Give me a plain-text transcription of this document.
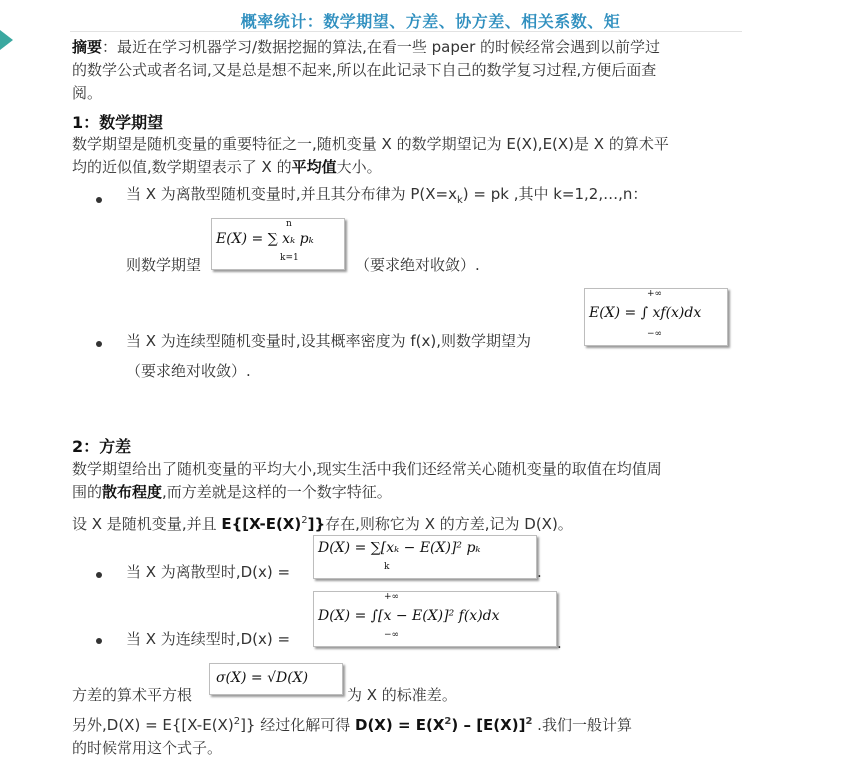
概率统计：数学期望、方差、协方差、相关系数、矩
摘要：最近在学习机器学习/数据挖掘的算法,在看一些 paper 的时候经常会遇到以前学过
的数学公式或者名词,又是总是想不起来,所以在此记录下自己的数学复习过程,方便后面查
阅。
1：数学期望
数学期望是随机变量的重要特征之一,随机变量 X 的数学期望记为 E(X),E(X)是 X 的算术平
均的近似值,数学期望表示了 X 的平均值大小。
当 X 为离散型随机变量时,并且其分布律为 $P(X=x_k)$ = pk ,其中 k=1,2,…,n：
则数学期望
n
E(X) = ∑ xₖ pₖ
k=1	（要求绝对收敛）.
当 X 为连续型随机变量时,设其概率密度为 f(x),则数学期望为
+∞
E(X) = ∫ xf(x)dx
−∞
（要求绝对收敛）.
2：方差
数学期望给出了随机变量的平均大小,现实生活中我们还经常关心随机变量的取值在均值周
围的散布程度,而方差就是这样的一个数字特征。
设 X 是随机变量,并且 $E\{[X-E(X)^2]\}$存在,则称它为 X 的方差,记为 D(X)。
当 X 为离散型时,D(x) =
D(X) = ∑[xₖ − E(X)]² pₖ
k	.
当 X 为连续型时,D(x) =
+∞
D(X) = ∫[x − E(X)]² f(x)dx
−∞	.
方差的算术平方根
σ(X) = √D(X)
为 X 的标准差。
另外$,D(X) = E\{[X-E(X)^2]\}$ 经过化解可得 $D(X) = E(X^2) - [E(X)]^2$ .我们一般计算
的时候常用这个式子。
